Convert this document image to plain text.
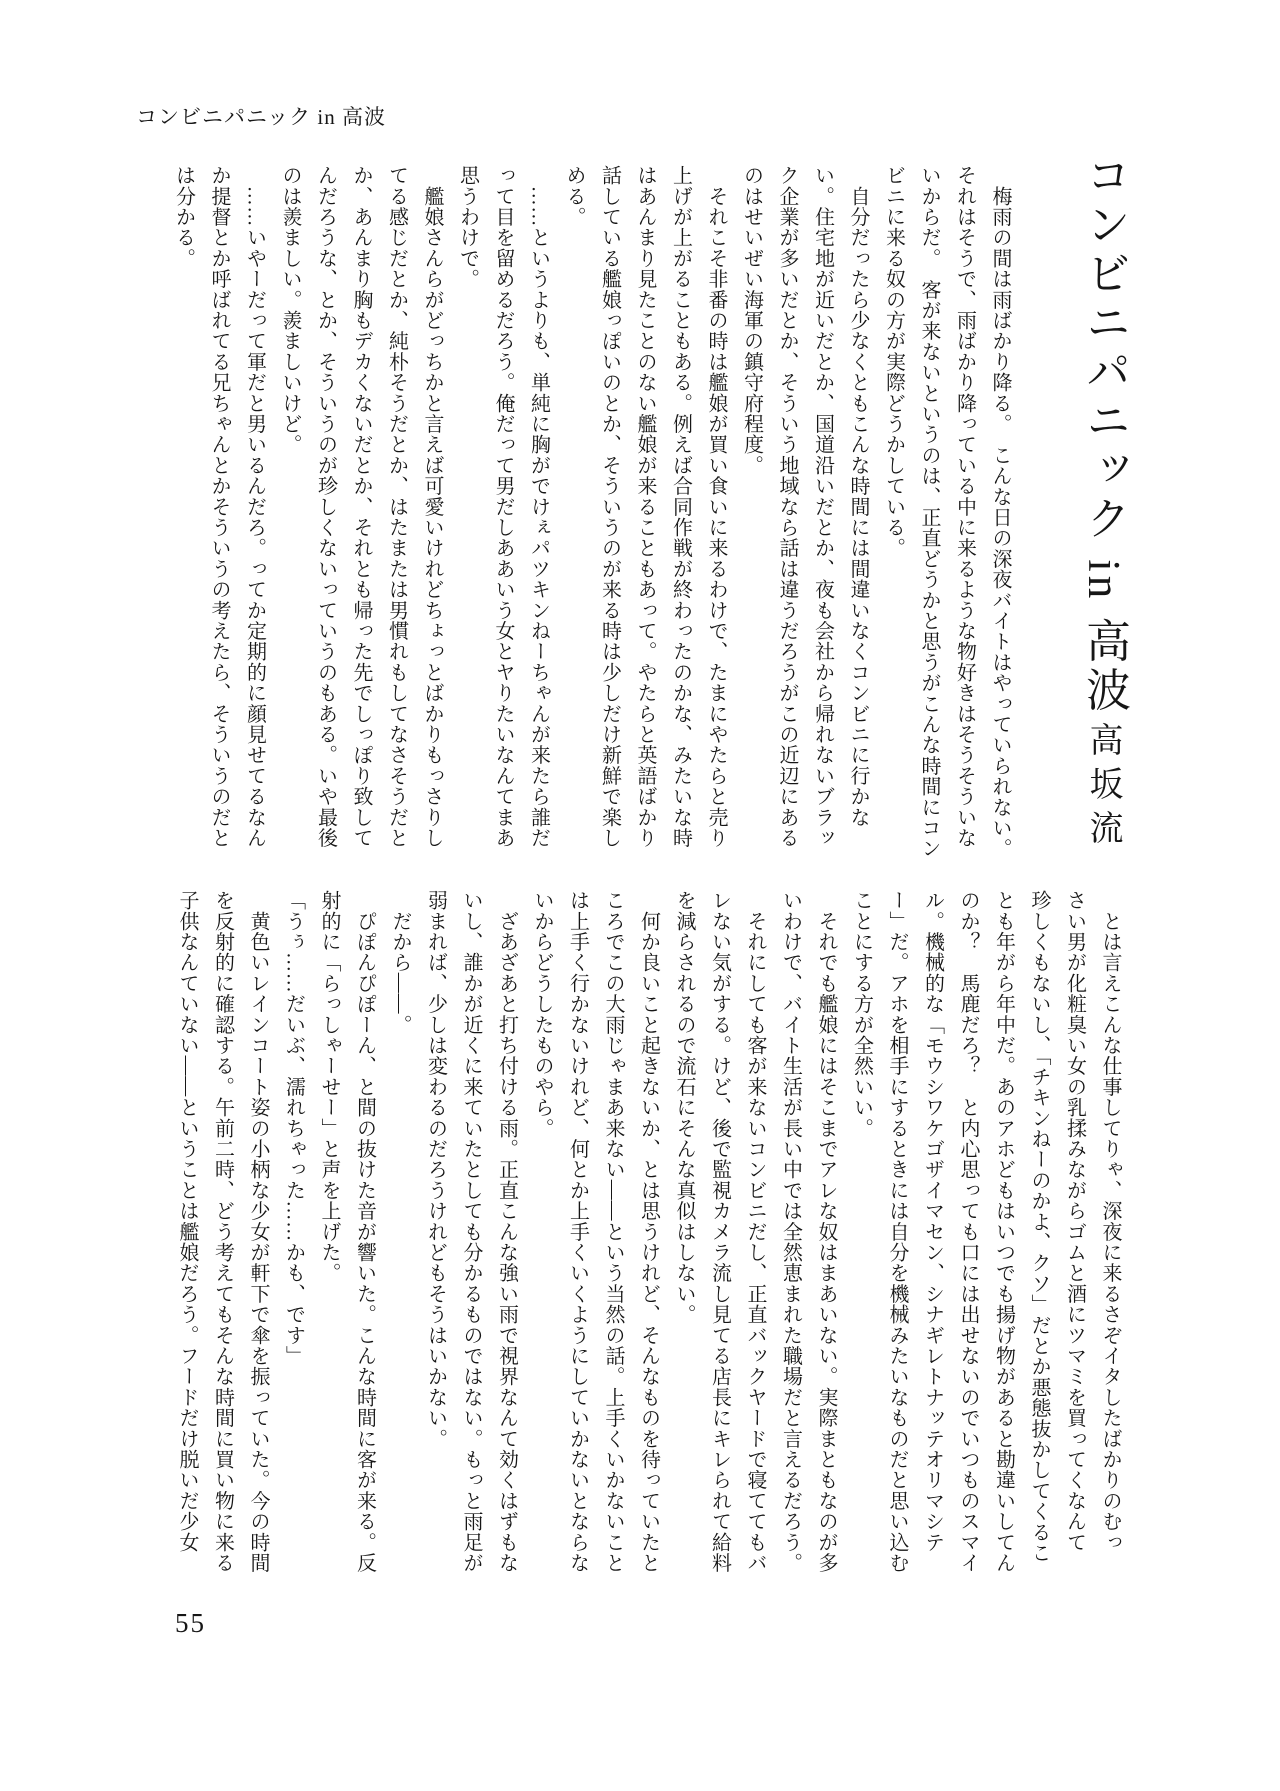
コンビニパニック in 高波
コンビニパニック in 高波
高坂流
　梅雨の間は雨ばかり降る。　こんな日の深夜バイトはやっていられない。
それはそうで、雨ばかり降っている中に来るような物好きはそうそういな
いからだ。　客が来ないというのは、正直どうかと思うがこんな時間にコン
ビニに来る奴の方が実際どうかしている。
　自分だったら少なくともこんな時間には間違いなくコンビニに行かな
い。住宅地が近いだとか、国道沿いだとか、夜も会社から帰れないブラッ
ク企業が多いだとか、そういう地域なら話は違うだろうがこの近辺にある
のはせいぜい海軍の鎮守府程度。
　それこそ非番の時は艦娘が買い食いに来るわけで、たまにやたらと売り
上げが上がることもある。例えば合同作戦が終わったのかな、みたいな時
はあんまり見たことのない艦娘が来ることもあって。やたらと英語ばかり
話している艦娘っぽいのとか、そういうのが来る時は少しだけ新鮮で楽し
める。
　……というよりも、単純に胸がでけぇパツキンねーちゃんが来たら誰だ
って目を留めるだろう。俺だって男だしああいう女とヤりたいなんてまあ
思うわけで。
　艦娘さんらがどっちかと言えば可愛いけれどちょっとばかりもっさりし
てる感じだとか、純朴そうだとか、はたまたは男慣れもしてなさそうだと
か、あんまり胸もデカくないだとか、それとも帰った先でしっぽり致して
んだろうな、とか、そういうのが珍しくないっていうのもある。いや最後
のは羨ましい。羨ましいけど。
　……いやーだって軍だと男いるんだろ。ってか定期的に顔見せてるなん
か提督とか呼ばれてる兄ちゃんとかそういうの考えたら、そういうのだと
は分かる。
　とは言えこんな仕事してりゃ、深夜に来るさぞイタしたばかりのむっ
さい男が化粧臭い女の乳揉みながらゴムと酒にツマミを買ってくなんて
珍しくもないし、「チキンねーのかよ、クソ」だとか悪態抜かしてくるこ
とも年がら年中だ。あのアホどもはいつでも揚げ物があると勘違いしてん
のか？　馬鹿だろ？　と内心思っても口には出せないのでいつものスマイ
ル。機械的な「モウシワケゴザイマセン、シナギレトナッテオリマシテ
ー」だ。アホを相手にするときには自分を機械みたいなものだと思い込む
ことにする方が全然いい。
　それでも艦娘にはそこまでアレな奴はまあいない。実際まともなのが多
いわけで、バイト生活が長い中では全然恵まれた職場だと言えるだろう。
　それにしても客が来ないコンビニだし、正直バックヤードで寝ててもバ
レない気がする。けど、後で監視カメラ流し見てる店長にキレられて給料
を減らされるので流石にそんな真似はしない。
　何か良いこと起きないか、とは思うけれど、そんなものを待っていたと
ころでこの大雨じゃまあ来ない――という当然の話。上手くいかないこと
は上手く行かないけれど、何とか上手くいくようにしていかないとならな
いからどうしたものやら。
　ざあざあと打ち付ける雨。正直こんな強い雨で視界なんて効くはずもな
いし、誰かが近くに来ていたとしても分かるものではない。もっと雨足が
弱まれば、少しは変わるのだろうけれどもそうはいかない。
　だから――。
　ぴぽんぴぽーん、と間の抜けた音が響いた。こんな時間に客が来る。反
射的に「らっしゃーせー」と声を上げた。
「うぅ……だいぶ、濡れちゃった……かも、です」
　黄色いレインコート姿の小柄な少女が軒下で傘を振っていた。今の時間
を反射的に確認する。午前二時、どう考えてもそんな時間に買い物に来る
子供なんていない――ということは艦娘だろう。フードだけ脱いだ少女
55
